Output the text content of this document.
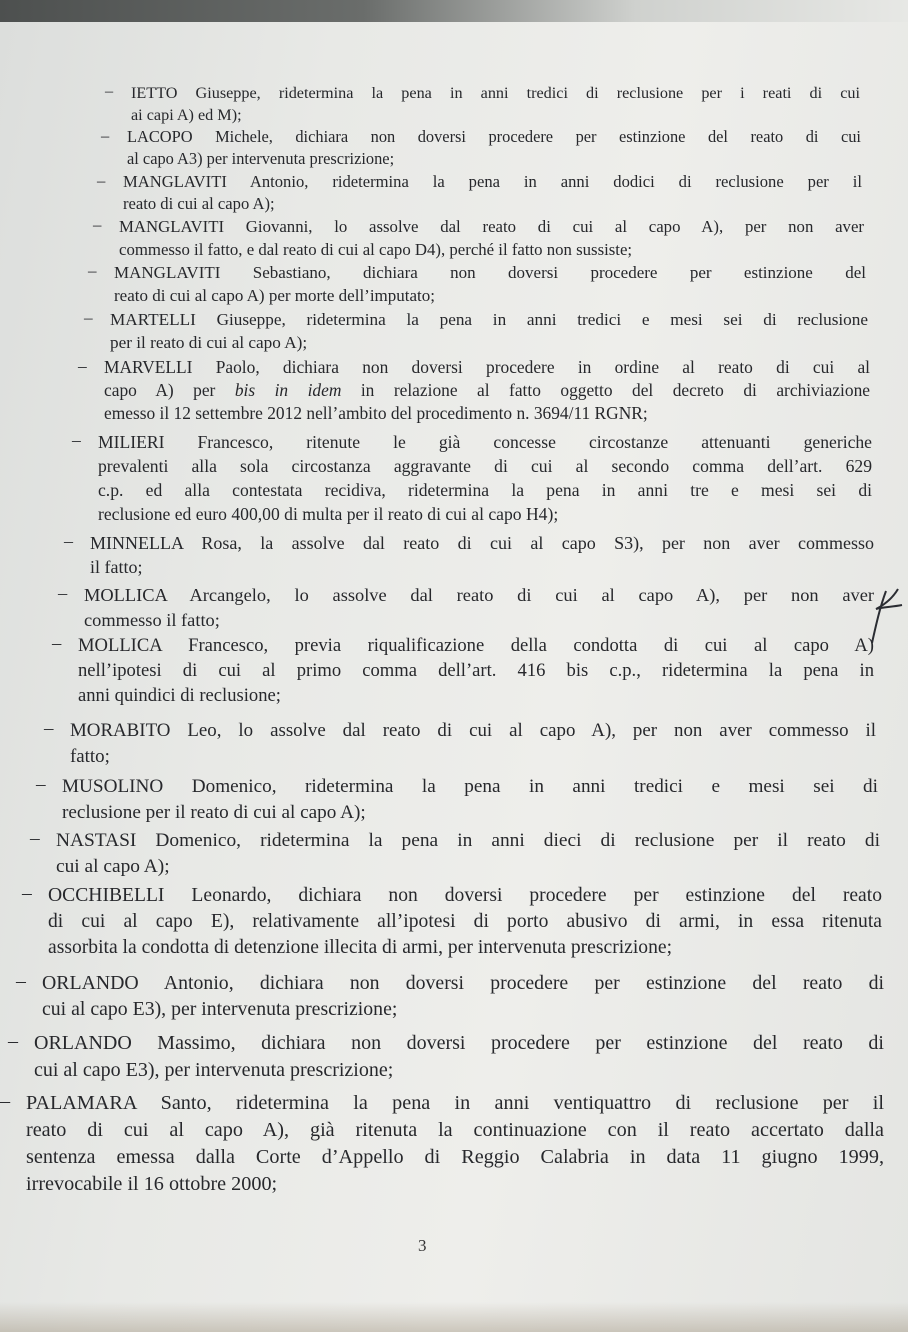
– IETTO Giuseppe, ridetermina la pena in anni tredici di reclusione per i reati di cui
ai capi A) ed M);
– LACOPO Michele, dichiara non doversi procedere per estinzione del reato di cui
al capo A3) per intervenuta prescrizione;
– MANGLAVITI Antonio, ridetermina la pena in anni dodici di reclusione per il
reato di cui al capo A);
– MANGLAVITI Giovanni, lo assolve dal reato di cui al capo A), per non aver
commesso il fatto, e dal reato di cui al capo D4), perché il fatto non sussiste;
– MANGLAVITI Sebastiano, dichiara non doversi procedere per estinzione del
reato di cui al capo A) per morte dell’imputato;
– MARTELLI Giuseppe, ridetermina la pena in anni tredici e mesi sei di reclusione
per il reato di cui al capo A);
– MARVELLI Paolo, dichiara non doversi procedere in ordine al reato di cui al
capo A) per bis in idem in relazione al fatto oggetto del decreto di archiviazione
emesso il 12 settembre 2012 nell’ambito del procedimento n. 3694/11 RGNR;
– MILIERI Francesco, ritenute le già concesse circostanze attenuanti generiche
prevalenti alla sola circostanza aggravante di cui al secondo comma dell’art. 629
c.p. ed alla contestata recidiva, ridetermina la pena in anni tre e mesi sei di
reclusione ed euro 400,00 di multa per il reato di cui al capo H4);
– MINNELLA Rosa, la assolve dal reato di cui al capo S3), per non aver commesso
il fatto;
– MOLLICA Arcangelo, lo assolve dal reato di cui al capo A), per non aver
commesso il fatto;
– MOLLICA Francesco, previa riqualificazione della condotta di cui al capo A)
nell’ipotesi di cui al primo comma dell’art. 416 bis c.p., ridetermina la pena in
anni quindici di reclusione;
– MORABITO Leo, lo assolve dal reato di cui al capo A), per non aver commesso il
fatto;
– MUSOLINO Domenico, ridetermina la pena in anni tredici e mesi sei di
reclusione per il reato di cui al capo A);
– NASTASI Domenico, ridetermina la pena in anni dieci di reclusione per il reato di
cui al capo A);
– OCCHIBELLI Leonardo, dichiara non doversi procedere per estinzione del reato
di cui al capo E), relativamente all’ipotesi di porto abusivo di armi, in essa ritenuta
assorbita la condotta di detenzione illecita di armi, per intervenuta prescrizione;
– ORLANDO Antonio, dichiara non doversi procedere per estinzione del reato di
cui al capo E3), per intervenuta prescrizione;
– ORLANDO Massimo, dichiara non doversi procedere per estinzione del reato di
cui al capo E3), per intervenuta prescrizione;
– PALAMARA Santo, ridetermina la pena in anni ventiquattro di reclusione per il
reato di cui al capo A), già ritenuta la continuazione con il reato accertato dalla
sentenza emessa dalla Corte d’Appello di Reggio Calabria in data 11 giugno 1999,
irrevocabile il 16 ottobre 2000;
3
